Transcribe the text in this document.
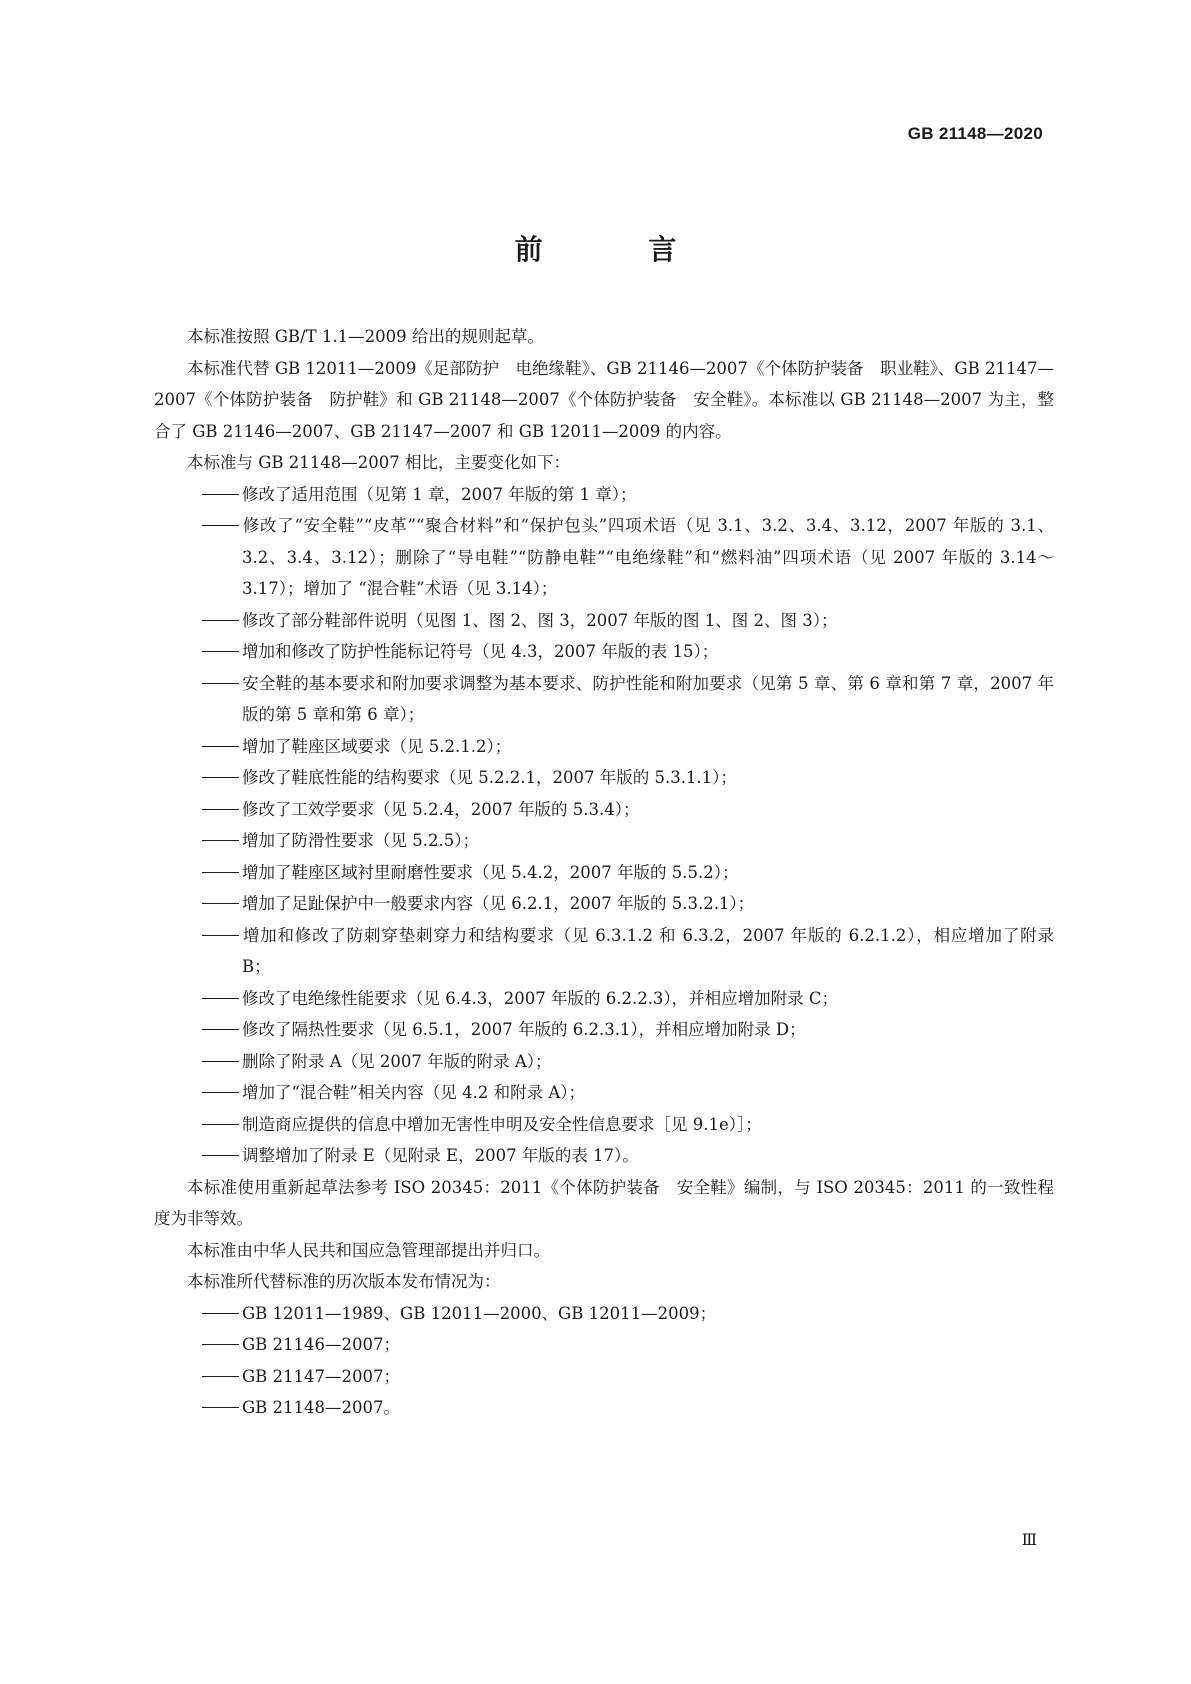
GB 21148—2020
前 言

本标准按照 GB/T 1.1—2009 给出的规则起草。

本标准代替 GB 12011—2009《足部防护　电绝缘鞋》、GB 21146—2007《个体防护装备　职业鞋》、GB 21147—2007《个体防护装备　防护鞋》和 GB 21148—2007《个体防护装备　安全鞋》。本标准以 GB 21148—2007 为主，整合了 GB 21146—2007、GB 21147—2007 和 GB 12011—2009 的内容。

本标准与 GB 21148—2007 相比，主要变化如下：

修改了适用范围（见第 1 章，2007 年版的第 1 章）；

修改了“安全鞋”“皮革”“聚合材料”和“保护包头”四项术语（见 3.1、3.2、3.4、3.12，2007 年版的 3.1、3.2、3.4、3.12）；删除了“导电鞋”“防静电鞋”“电绝缘鞋”和“燃料油”四项术语（见 2007 年版的 3.14～3.17）；增加了 “混合鞋”术语（见 3.14）；

修改了部分鞋部件说明（见图 1、图 2、图 3，2007 年版的图 1、图 2、图 3）；

增加和修改了防护性能标记符号（见 4.3，2007 年版的表 15）；

安全鞋的基本要求和附加要求调整为基本要求、防护性能和附加要求（见第 5 章、第 6 章和第 7 章，2007 年版的第 5 章和第 6 章）；

增加了鞋座区域要求（见 5.2.1.2）；

修改了鞋底性能的结构要求（见 5.2.2.1，2007 年版的 5.3.1.1）；

修改了工效学要求（见 5.2.4，2007 年版的 5.3.4）；

增加了防滑性要求（见 5.2.5）；

增加了鞋座区域衬里耐磨性要求（见 5.4.2，2007 年版的 5.5.2）；

增加了足趾保护中一般要求内容（见 6.2.1，2007 年版的 5.3.2.1）；

增加和修改了防刺穿垫刺穿力和结构要求（见 6.3.1.2 和 6.3.2，2007 年版的 6.2.1.2），相应增加了附录 B；

修改了电绝缘性能要求（见 6.4.3，2007 年版的 6.2.2.3），并相应增加附录 C；

修改了隔热性要求（见 6.5.1，2007 年版的 6.2.3.1），并相应增加附录 D；

删除了附录 A（见 2007 年版的附录 A）；

增加了“混合鞋”相关内容（见 4.2 和附录 A）；

制造商应提供的信息中增加无害性申明及安全性信息要求［见 9.1e）］；

调整增加了附录 E（见附录 E，2007 年版的表 17）。

本标准使用重新起草法参考 ISO 20345：2011《个体防护装备　安全鞋》编制，与 ISO 20345：2011 的一致性程度为非等效。

本标准由中华人民共和国应急管理部提出并归口。

本标准所代替标准的历次版本发布情况为：

GB 12011—1989、GB 12011—2000、GB 12011—2009；

GB 21146—2007；

GB 21147—2007；

GB 21148—2007。

Ⅲ
